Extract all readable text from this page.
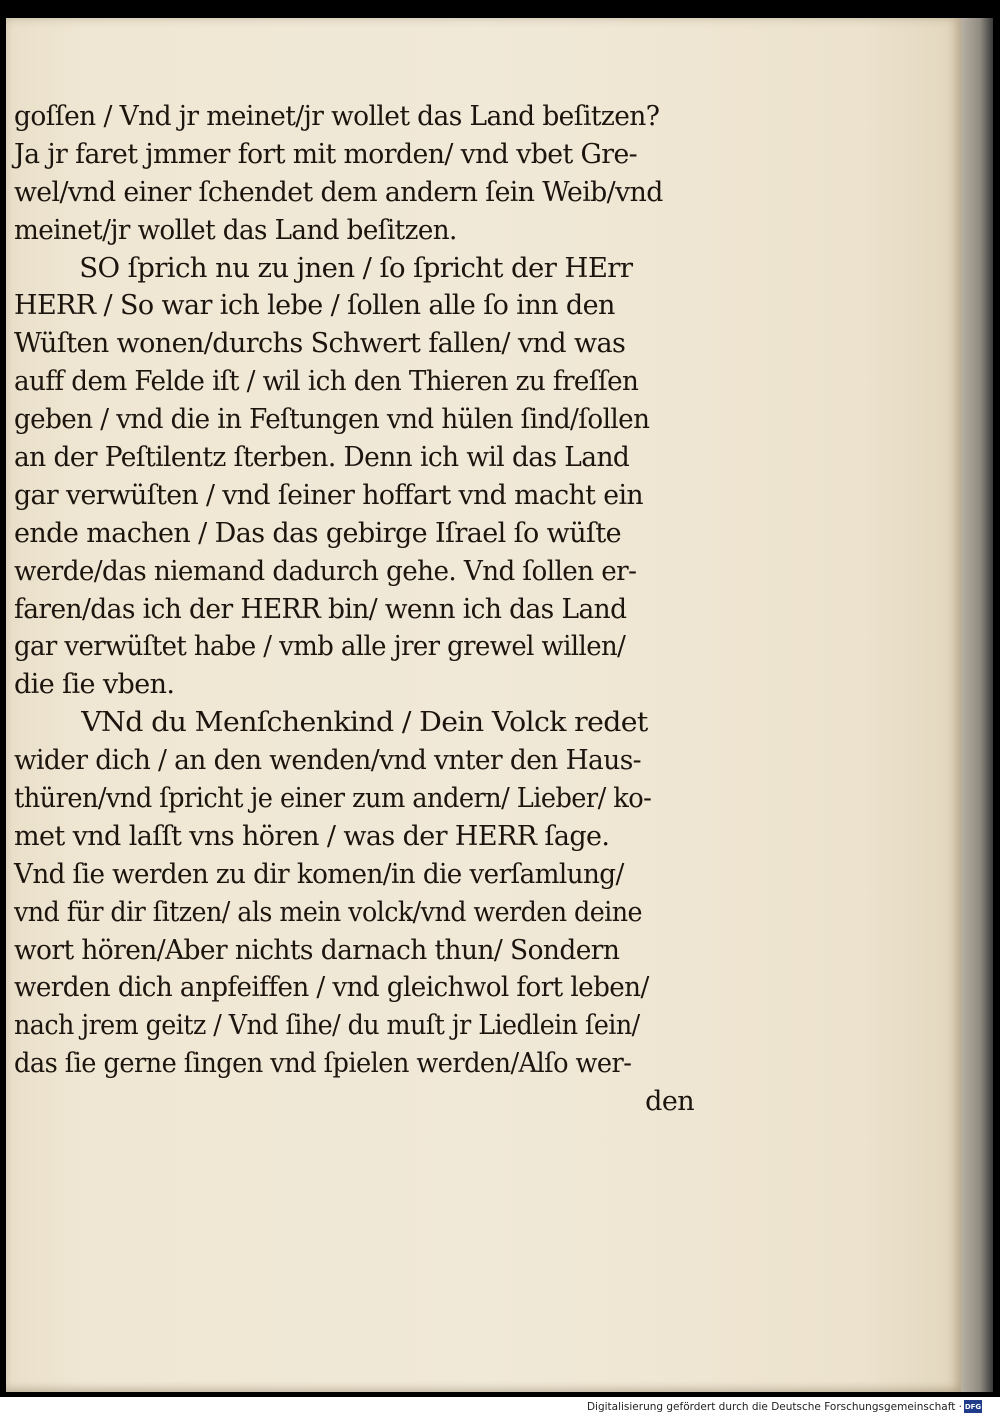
goſſen / Vnd jr meinet/jr wollet das Land beſitzen?
Ja jr faret jmmer fort mit morden/ vnd vbet Gre-
wel/vnd einer ſchendet dem andern ſein Weib/vnd
meinet/jr wollet das Land beſitzen.
SO ſprich nu zu jnen / ſo ſpricht der HErr
HERR / So war ich lebe / ſollen alle ſo inn den
Wüſten wonen/durchs Schwert fallen/ vnd was
auff dem Felde iſt / wil ich den Thieren zu freſſen
geben / vnd die in Feſtungen vnd hülen ſind/ſollen
an der Peſtilentz ſterben. Denn ich wil das Land
gar verwüſten / vnd ſeiner hoffart vnd macht ein
ende machen / Das das gebirge Iſrael ſo wüſte
werde/das niemand dadurch gehe. Vnd ſollen er-
faren/das ich der HERR bin/ wenn ich das Land
gar verwüſtet habe / vmb alle jrer grewel willen/
die ſie vben.
VNd du Menſchenkind / Dein Volck redet
wider dich / an den wenden/vnd vnter den Haus-
thüren/vnd ſpricht je einer zum andern/ Lieber/ ko-
met vnd laſſt vns hören / was der HERR ſage.
Vnd ſie werden zu dir komen/in die verſamlung/
vnd für dir ſitzen/ als mein volck/vnd werden deine
wort hören/Aber nichts darnach thun/ Sondern
werden dich anpfeiffen / vnd gleichwol fort leben/
nach jrem geitz / Vnd ſihe/ du muſt jr Liedlein ſein/
das ſie gerne ſingen vnd ſpielen werden/Alſo wer-
den
Digitalisierung gefördert durch die Deutsche Forschungsgemeinschaft · DFG
